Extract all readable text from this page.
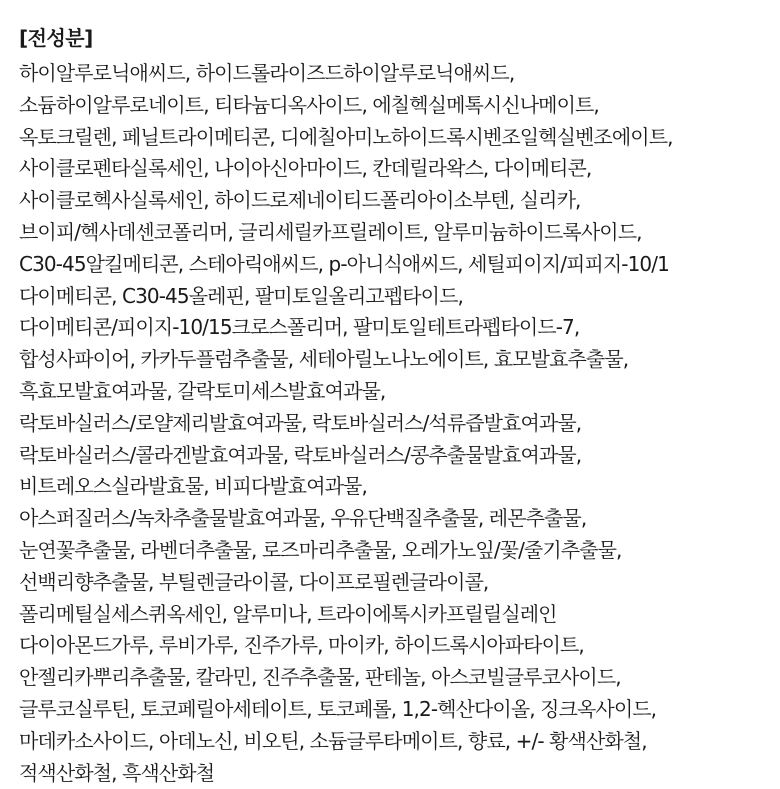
[전성분]
하이알루로닉애씨드, 하이드롤라이즈드하이알루로닉애씨드,
소듐하이알루로네이트, 티타늄디옥사이드, 에칠헥실메톡시신나메이트,
옥토크릴렌, 페닐트라이메티콘, 디에칠아미노하이드록시벤조일헥실벤조에이트,
사이클로펜타실록세인, 나이아신아마이드, 칸데릴라왁스, 다이메티콘,
사이클로헥사실록세인, 하이드로제네이티드폴리아이소부텐, 실리카,
브이피/헥사데센코폴리머, 글리세릴카프릴레이트, 알루미늄하이드록사이드,
C30-45알킬메티콘, 스테아릭애씨드, p-아니식애씨드, 세틸피이지/피피지-10/1
다이메티콘, C30-45올레핀, 팔미토일올리고펩타이드,
다이메티콘/피이지-10/15크로스폴리머, 팔미토일테트라펩타이드-7,
합성사파이어, 카카두플럼추출물, 세테아릴노나노에이트, 효모발효추출물,
흑효모발효여과물, 갈락토미세스발효여과물,
락토바실러스/로얄제리발효여과물, 락토바실러스/석류즙발효여과물,
락토바실러스/콜라겐발효여과물, 락토바실러스/콩추출물발효여과물,
비트레오스실라발효물, 비피다발효여과물,
아스퍼질러스/녹차추출물발효여과물, 우유단백질추출물, 레몬추출물,
눈연꽃추출물, 라벤더추출물, 로즈마리추출물, 오레가노잎/꽃/줄기추출물,
선백리향추출물, 부틸렌글라이콜, 다이프로필렌글라이콜,
폴리메틸실세스퀴옥세인, 알루미나, 트라이에톡시카프릴릴실레인
다이아몬드가루, 루비가루, 진주가루, 마이카, 하이드록시아파타이트,
안젤리카뿌리추출물, 칼라민, 진주추출물, 판테놀, 아스코빌글루코사이드,
글루코실루틴, 토코페릴아세테이트, 토코페롤, 1,2-헥산다이올, 징크옥사이드,
마데카소사이드, 아데노신, 비오틴, 소듐글루타메이트, 향료, +/- 황색산화철,
적색산화철, 흑색산화철
